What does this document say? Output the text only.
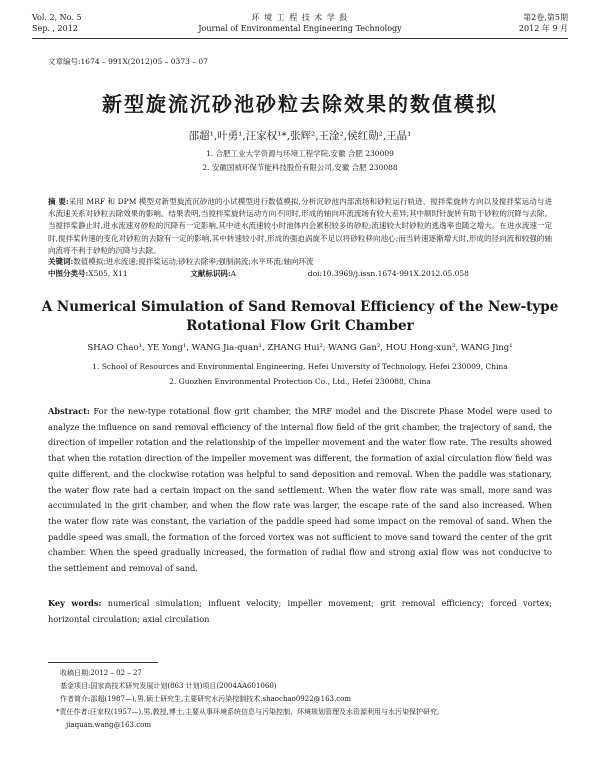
Vol. 2, No. 5
Sep. , 2012
环 境 工 程 技 术 学 报
Journal of Environmental Engineering Technology
第2卷,第5期
2012 年 9 月
文章编号:1674 – 991X(2012)05 – 0373 – 07
新型旋流沉砂池砂粒去除效果的数值模拟
邵超¹,叶勇¹,汪家权¹*,张辉²,王淦²,侯红勋²,王晶¹
1. 合肥工业大学资源与环境工程学院,安徽 合肥 230009
2. 安徽国祯环保节能科技股份有限公司,安徽 合肥 230088
摘 要:采用 MRF 和 DPM 模型对新型旋流沉砂池的小试模型进行数值模拟,分析沉砂池内部流场和砂粒运行轨迹、搅拌桨旋转方向以及搅拌桨运动与进水流速关系对砂粒去除效果的影响。结果表明,当搅拌桨旋转运动方向不同时,形成的轴向环流流场有较大差异,其中顺时针旋转有助于砂粒的沉降与去除。当搅拌桨静止时,进水流速对砂粒的沉降有一定影响,其中进水流速较小时池体内会累积较多的砂粒;流速较大时砂粒的逃逸率也随之增大。在进水流速一定时,搅拌桨转速的变化对砂粒的去除有一定的影响,其中转速较小时,形成的强迫涡旋不足以将砂粒移向池心;而当转速逐渐增大时,形成的径向流和较强的轴向流将不利于砂粒的沉降与去除。
关键词:数值模拟;进水流速;搅拌桨运动;砂粒去除率;强制涡流;水平环流;轴向环流
中图分类号:X505, X11	文献标识码:A	doi:10.3969/j.issn.1674-991X.2012.05.058
A Numerical Simulation of Sand Removal Efficiency of the New-type
Rotational Flow Grit Chamber
SHAO Chao¹, YE Yong¹, WANG Jia-quan¹, ZHANG Hui², WANG Gan², HOU Hong-xun², WANG Jing¹
1. School of Resources and Environmental Engineering, Hefei University of Technology, Hefei 230009, China
2. Guozhen Environmental Protection Co., Ltd., Hefei 230088, China
Abstract: For the new-type rotational flow grit chamber, the MRF model and the Discrete Phase Model were used to analyze the influence on sand removal efficiency of the internal flow field of the grit chamber, the trajectory of sand, the direction of impeller rotation and the relationship of the impeller movement and the water flow rate. The results showed that when the rotation direction of the impeller movement was different, the formation of axial circulation flow field was quite different, and the clockwise rotation was helpful to sand deposition and removal. When the paddle was stationary, the water flow rate had a certain impact on the sand settlement. When the water flow rate was small, more sand was accumulated in the grit chamber, and when the flow rate was larger, the escape rate of the sand also increased. When the water flow rate was constant, the variation of the paddle speed had some impact on the removal of sand. When the paddle speed was small, the formation of the forced vortex was not sufficient to move sand toward the center of the grit chamber. When the speed gradually increased, the formation of radial flow and strong axial flow was not conducive to the settlement and removal of sand.
Key words: numerical simulation; influent velocity; impeller movement; grit removal efficiency; forced vortex; horizontal circulation; axial circulation
收稿日期:2012 – 02 – 27
基金项目:国家高技术研究发展计划(863 计划)项目(2004AA601060)
作者简介:邵超(1987—),男,硕士研究生,主要研究水污染控制技术,shaochao0922@163.com
*责任作者:汪家权(1957—),男,教授,博士,主要从事环境系统信息与污染控制、环境规划管理及水资源利用与水污染保护研究,
jiaquan.wang@163.com
